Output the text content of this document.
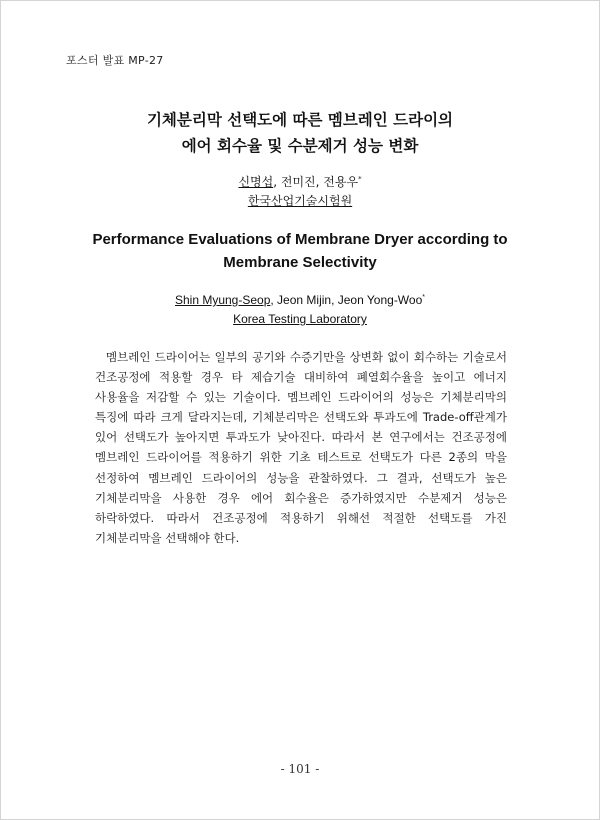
포스터 발표 MP-27
기체분리막 선택도에 따른 멤브레인 드라이의
에어 회수율 및 수분제거 성능 변화
신명섭, 전미진, 전용우*
한국산업기술시험원
Performance Evaluations of Membrane Dryer according to
Membrane Selectivity
Shin Myung-Seop, Jeon Mijin, Jeon Yong-Woo*
Korea Testing Laboratory

멤브레인 드라이어는 일부의 공기와 수증기만을 상변화 없이 회수하는 기술로서 건조공정에 적용할 경우 타 제습기술 대비하여 폐열회수율을 높이고 에너지 사용율을 저감할 수 있는 기술이다. 멤브레인 드라이어의 성능은 기체분리막의 특징에 따라 크게 달라지는데, 기체분리막은 선택도와 투과도에 Trade-off관계가 있어 선택도가 높아지면 투과도가 낮아진다. 따라서 본 연구에서는 건조공정에 멤브레인 드라이어를 적용하기 위한 기초 테스트로 선택도가 다른 2종의 막을 선정하여 멤브레인 드라이어의 성능을 관찰하였다. 그 결과, 선택도가 높은 기체분리막을 사용한 경우 에어 회수율은 증가하였지만 수분제거 성능은 하락하였다. 따라서 건조공정에 적용하기 위해선 적절한 선택도를 가진 기체분리막을 선택해야 한다.

- 101 -
